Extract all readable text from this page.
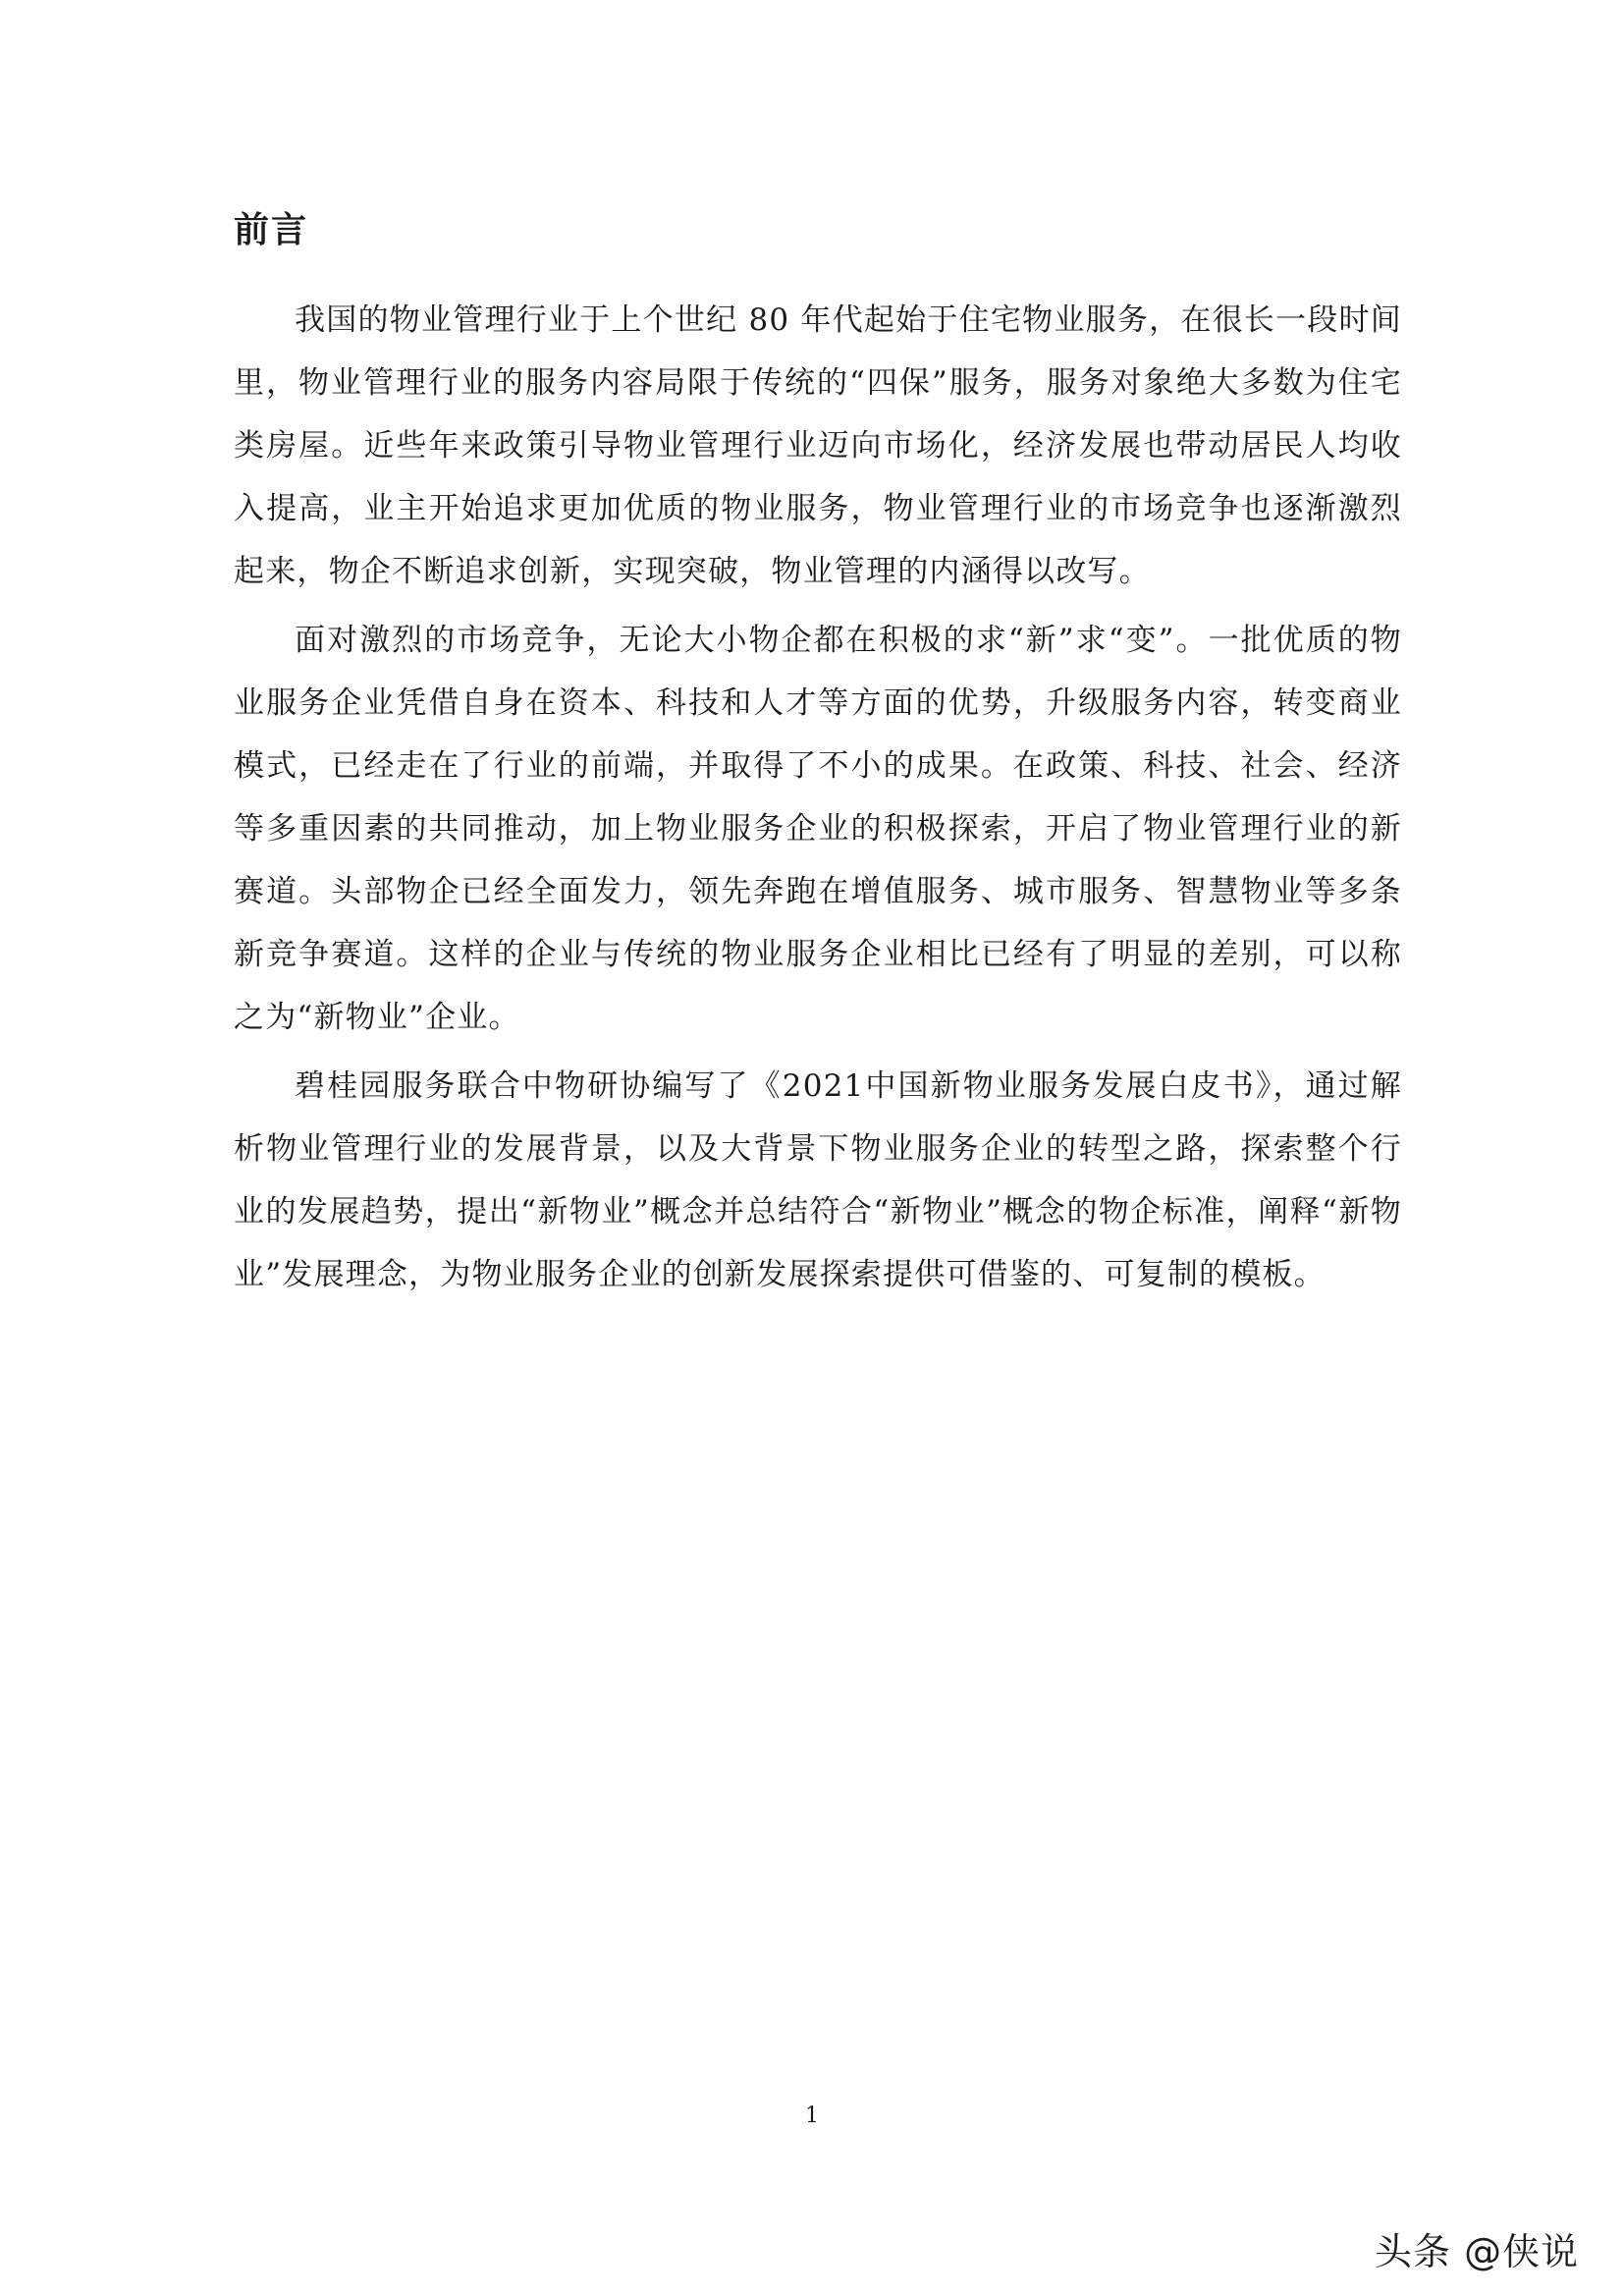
前言

我国的物业管理行业于上个世纪 80 年代起始于住宅物业服务，在很长一段时间里，物业管理行业的服务内容局限于传统的“四保”服务，服务对象绝大多数为住宅类房屋。近些年来政策引导物业管理行业迈向市场化，经济发展也带动居民人均收入提高，业主开始追求更加优质的物业服务，物业管理行业的市场竞争也逐渐激烈起来，物企不断追求创新，实现突破，物业管理的内涵得以改写。

面对激烈的市场竞争，无论大小物企都在积极的求“新”求“变”。一批优质的物业服务企业凭借自身在资本、科技和人才等方面的优势，升级服务内容，转变商业模式，已经走在了行业的前端，并取得了不小的成果。在政策、科技、社会、经济等多重因素的共同推动，加上物业服务企业的积极探索，开启了物业管理行业的新赛道。头部物企已经全面发力，领先奔跑在增值服务、城市服务、智慧物业等多条新竞争赛道。这样的企业与传统的物业服务企业相比已经有了明显的差别，可以称之为“新物业”企业。

碧桂园服务联合中物研协编写了《2021中国新物业服务发展白皮书》，通过解析物业管理行业的发展背景，以及大背景下物业服务企业的转型之路，探索整个行业的发展趋势，提出“新物业”概念并总结符合“新物业”概念的物企标准，阐释“新物业”发展理念，为物业服务企业的创新发展探索提供可借鉴的、可复制的模板。

1
头条 @侠说
